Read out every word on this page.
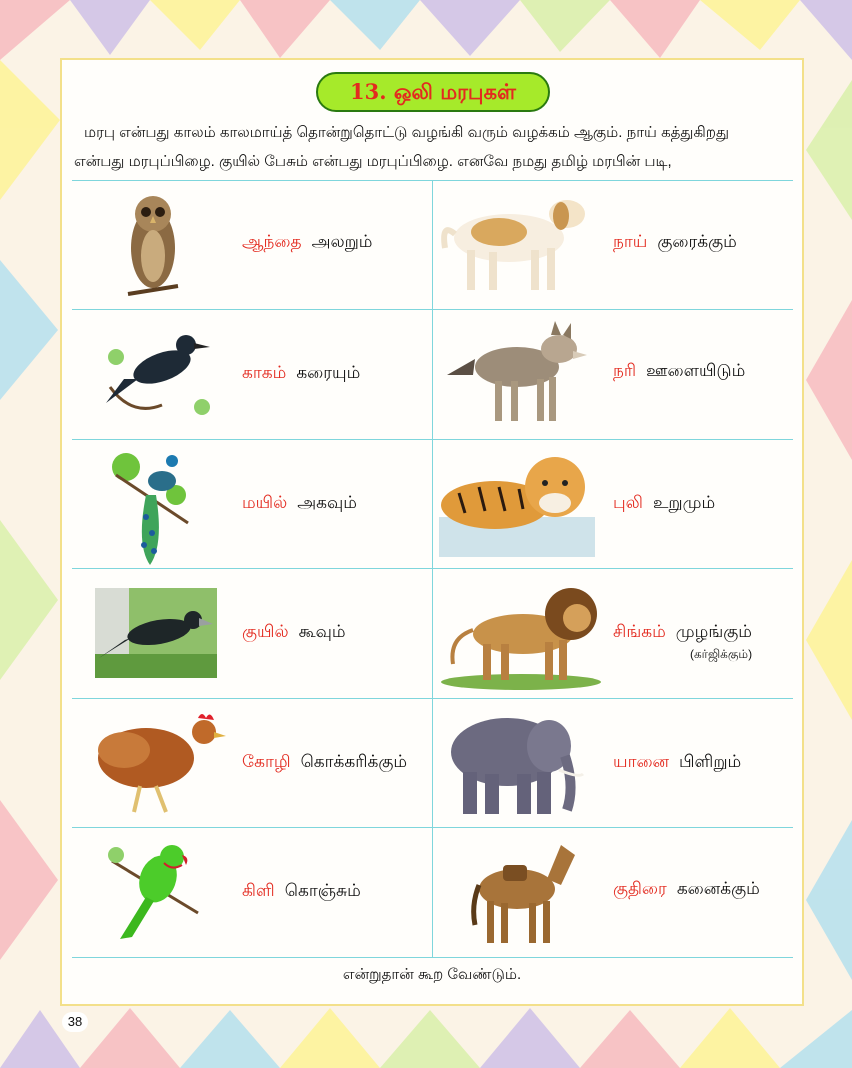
13. ஒலி மரபுகள்
மரபு என்பது காலம் காலமாய்த் தொன்றுதொட்டு வழங்கி வரும் வழக்கம் ஆகும். நாய் கத்துகிறது
என்பது மரபுப்பிழை. குயில் பேசும் என்பது மரபுப்பிழை. எனவே நமது தமிழ் மரபின் படி,
ஆந்தை அலறும்	நாய் குரைக்கும்
காகம் கரையும்	நரி ஊளையிடும்
மயில் அகவும்	புலி உறுமும்
குயில் கூவும்	சிங்கம் முழங்கும்
(கர்ஜிக்கும்)
கோழி கொக்கரிக்கும்	யானை பிளிறும்
கிளி கொஞ்சும்	குதிரை கனைக்கும்
என்றுதான் கூற வேண்டும்.
38
